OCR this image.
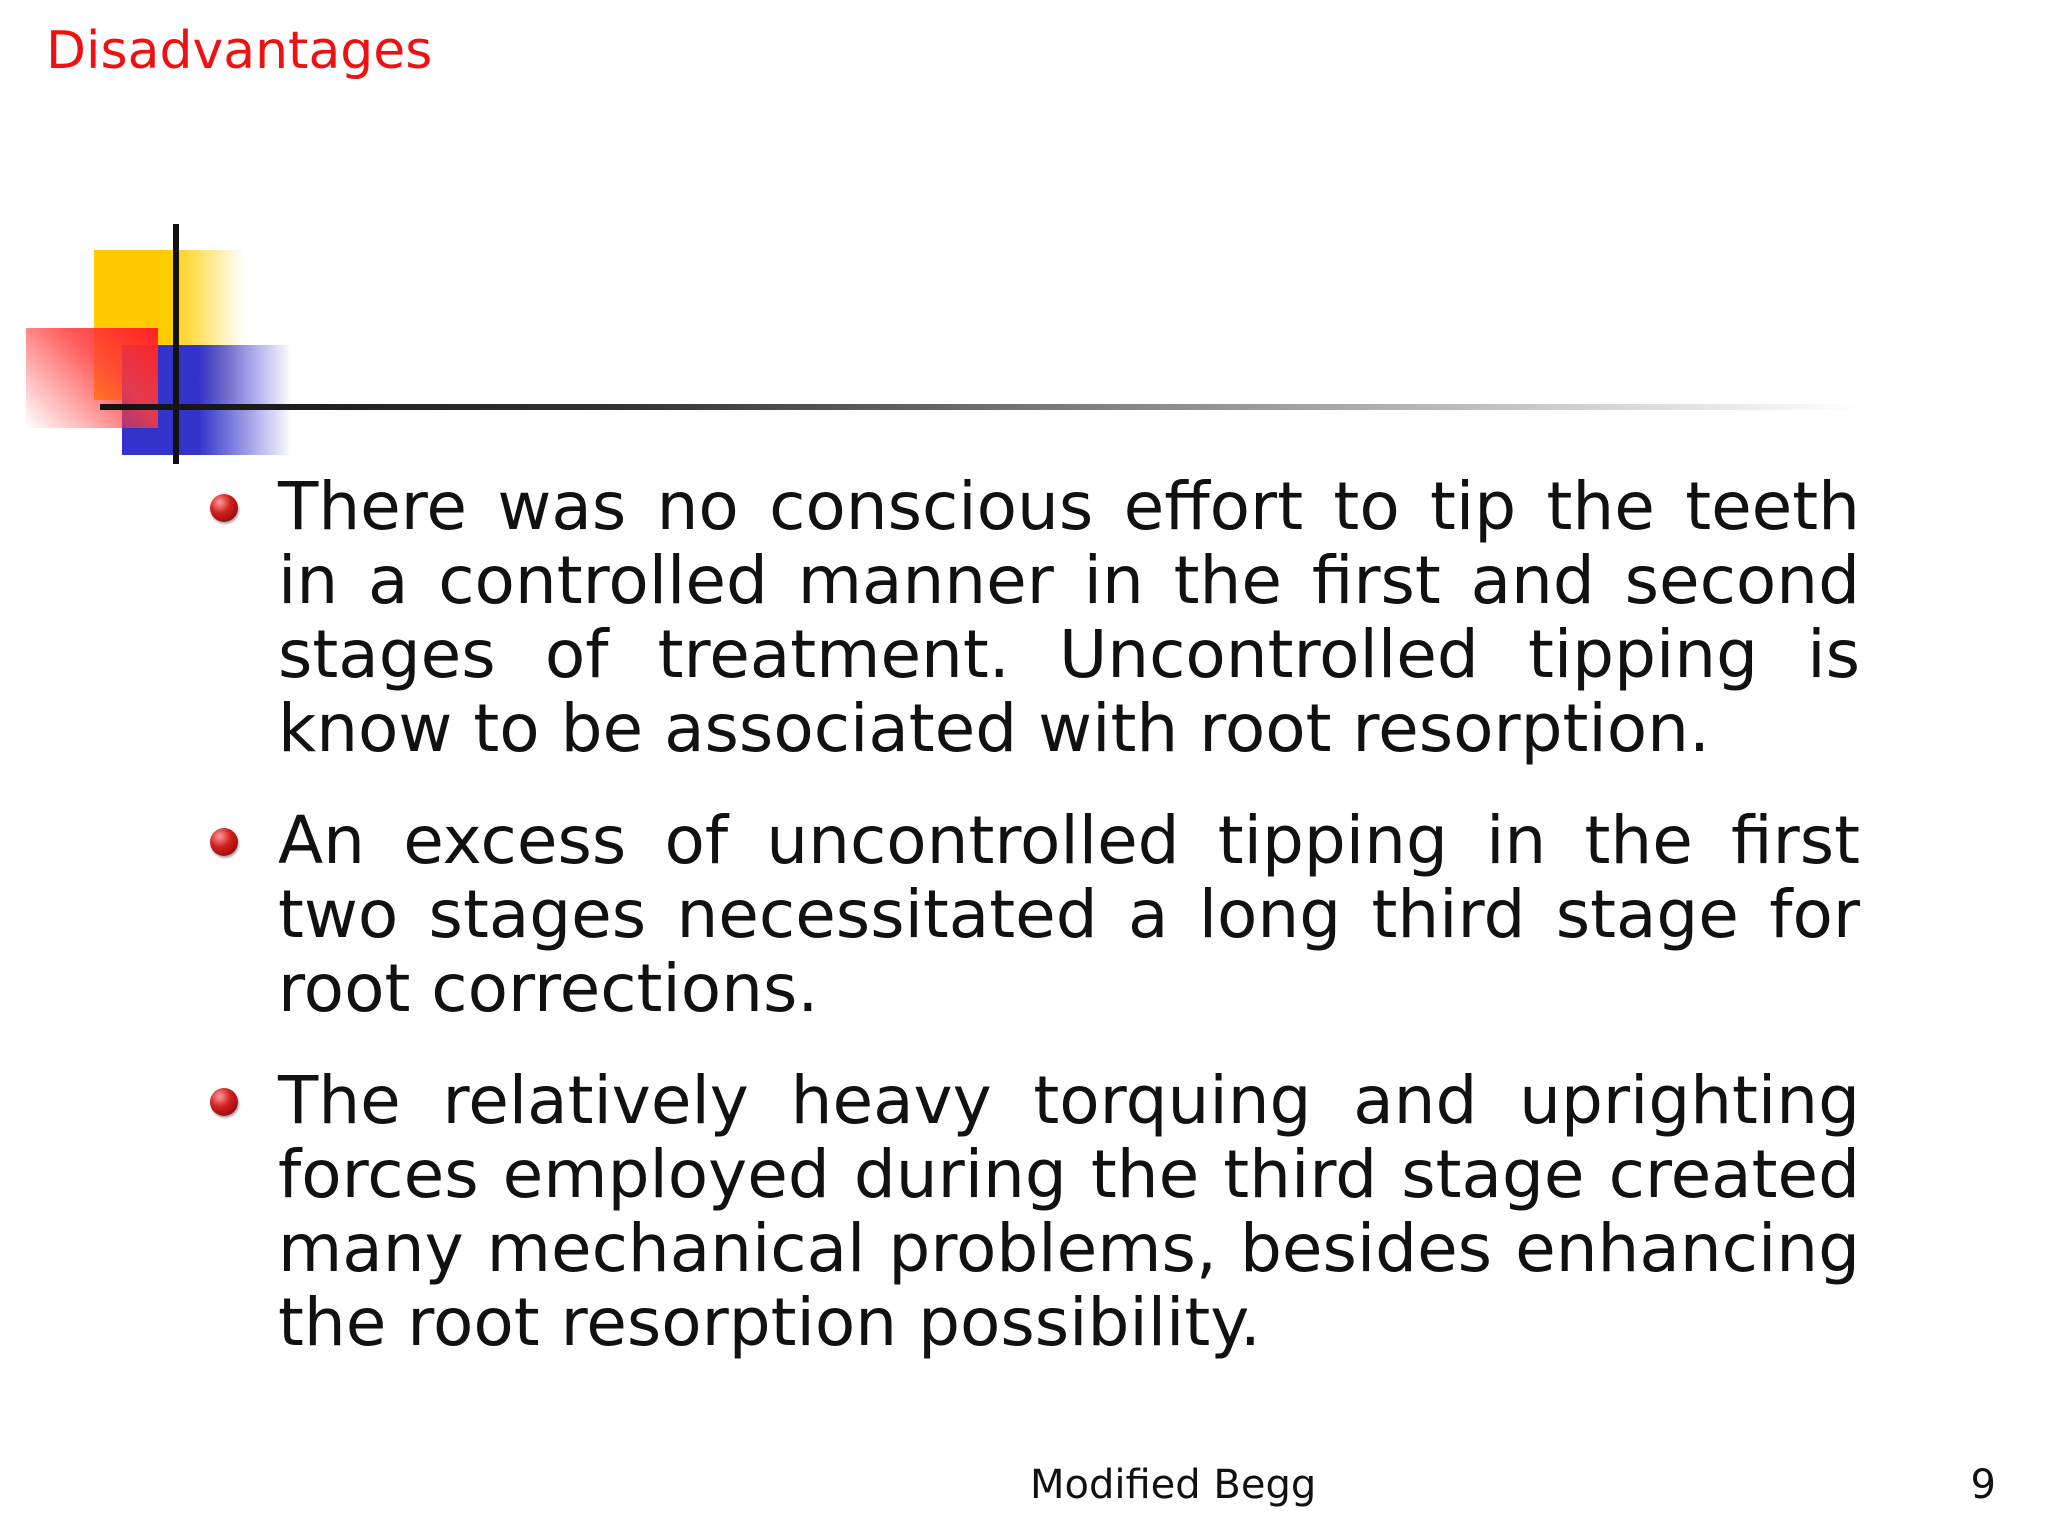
Disadvantages
There was no conscious effort to tip the teeth in a controlled manner in the first and second stages of treatment. Uncontrolled tipping is know to be associated with root resorption.
An excess of uncontrolled tipping in the first two stages necessitated a long third stage for root corrections.
The relatively heavy torquing and uprighting forces employed during the third stage created many mechanical problems, besides enhancing the root resorption possibility.
Modified Begg	9
